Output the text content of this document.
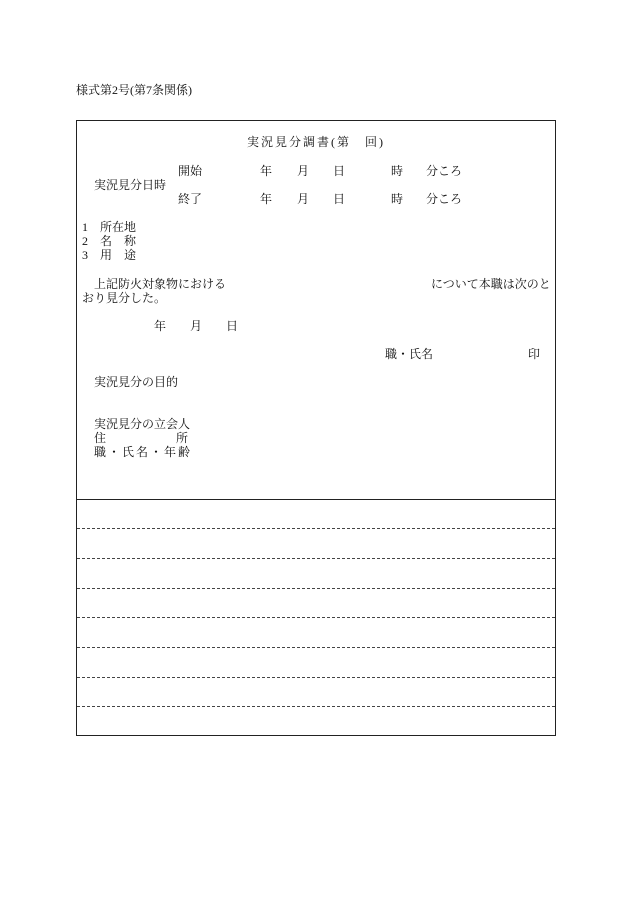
様式第2号(第7条関係)
実況見分調書(第　回)
開始	年 月 日	時 分ころ
実況見分日時
終了	年 月 日	時 分ころ
1 所在地
2 名 称
3 用 途
上記防火対象物における	について本職は次のと
おり見分した。
年 月 日
職・氏名	印
実況見分の目的
実況見分の立会人
住	所
職・氏名・年齢
